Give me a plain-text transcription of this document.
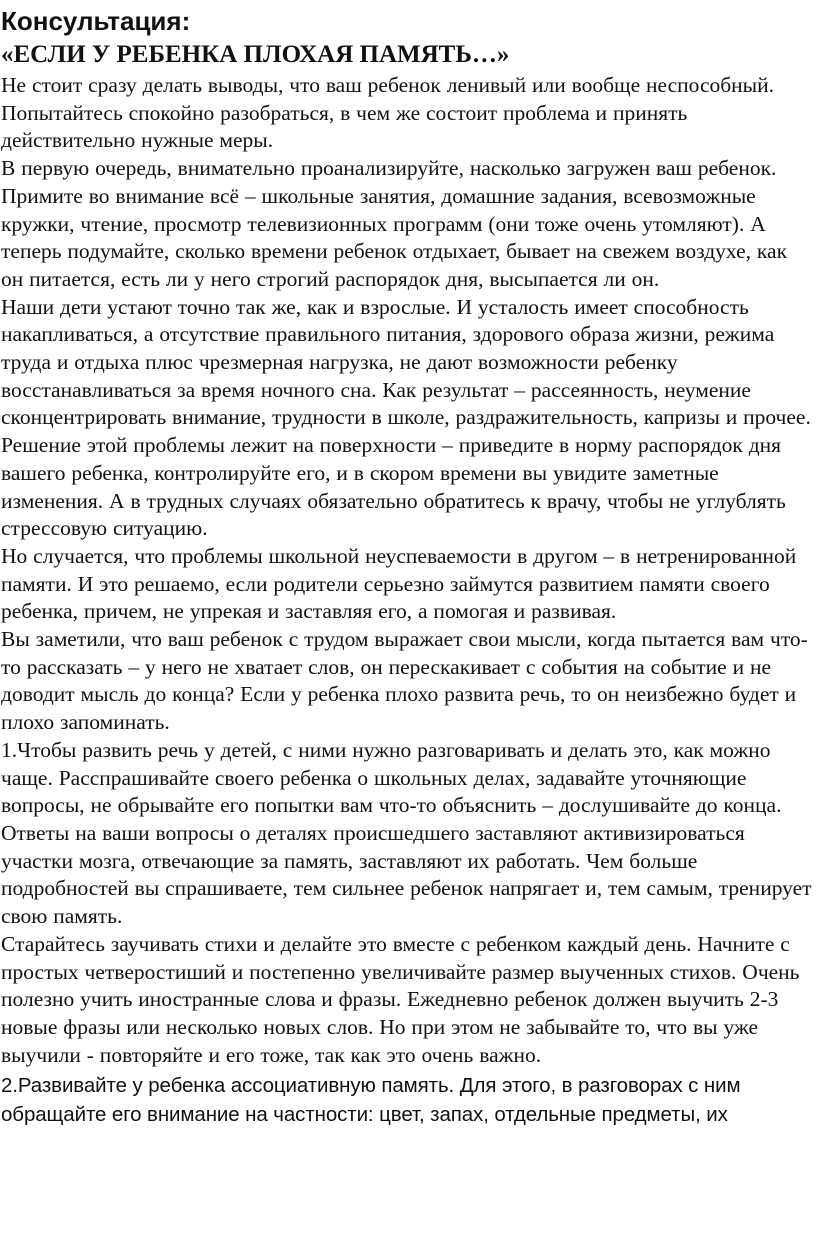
Консультация:
«ЕСЛИ У РЕБЕНКА ПЛОХАЯ ПАМЯТЬ…»

Не стоит сразу делать выводы, что ваш ребенок ленивый или вообще неспособный. Попытайтесь спокойно разобраться, в чем же состоит проблема и принять действительно нужные меры.

В первую очередь, внимательно проанализируйте, насколько загружен ваш ребенок. Примите во внимание всё – школьные занятия, домашние задания, всевозможные кружки, чтение, просмотр телевизионных программ (они тоже очень утомляют). А теперь подумайте, сколько времени ребенок отдыхает, бывает на свежем воздухе, как он питается, есть ли у него строгий распорядок дня, высыпается ли он.

Наши дети устают точно так же, как и взрослые. И усталость имеет способность накапливаться, а отсутствие правильного питания, здорового образа жизни, режима труда и отдыха плюс чрезмерная нагрузка, не дают возможности ребенку восстанавливаться за время ночного сна. Как результат – рассеянность, неумение сконцентрировать внимание, трудности в школе, раздражительность, капризы и прочее.

Решение этой проблемы лежит на поверхности – приведите в норму распорядок дня вашего ребенка, контролируйте его, и в скором времени вы увидите заметные изменения. А в трудных случаях обязательно обратитесь к врачу, чтобы не углублять стрессовую ситуацию.

Но случается, что проблемы школьной неуспеваемости в другом – в нетренированной памяти. И это решаемо, если родители серьезно займутся развитием памяти своего ребенка, причем, не упрекая и заставляя его, а помогая и развивая.

Вы заметили, что ваш ребенок с трудом выражает свои мысли, когда пытается вам что-то рассказать – у него не хватает слов, он перескакивает с события на событие и не доводит мысль до конца? Если у ребенка плохо развита речь, то он неизбежно будет и плохо запоминать.

1.Чтобы развить речь у детей, с ними нужно разговаривать и делать это, как можно чаще. Расспрашивайте своего ребенка о школьных делах, задавайте уточняющие вопросы, не обрывайте его попытки вам что-то объяснить – дослушивайте до конца. Ответы на ваши вопросы о деталях происшедшего заставляют активизироваться участки мозга, отвечающие за память, заставляют их работать. Чем больше подробностей вы спрашиваете, тем сильнее ребенок напрягает и, тем самым, тренирует свою память.

Старайтесь заучивать стихи и делайте это вместе с ребенком каждый день. Начните с простых четверостиший и постепенно увеличивайте размер выученных стихов. Очень полезно учить иностранные слова и фразы. Ежедневно ребенок должен выучить 2-3 новые фразы или несколько новых слов. Но при этом не забывайте то, что вы уже выучили - повторяйте и его тоже, так как это очень важно.

2.Развивайте у ребенка ассоциативную память. Для этого, в разговорах с ним обращайте его внимание на частности: цвет, запах, отдельные предметы, их
